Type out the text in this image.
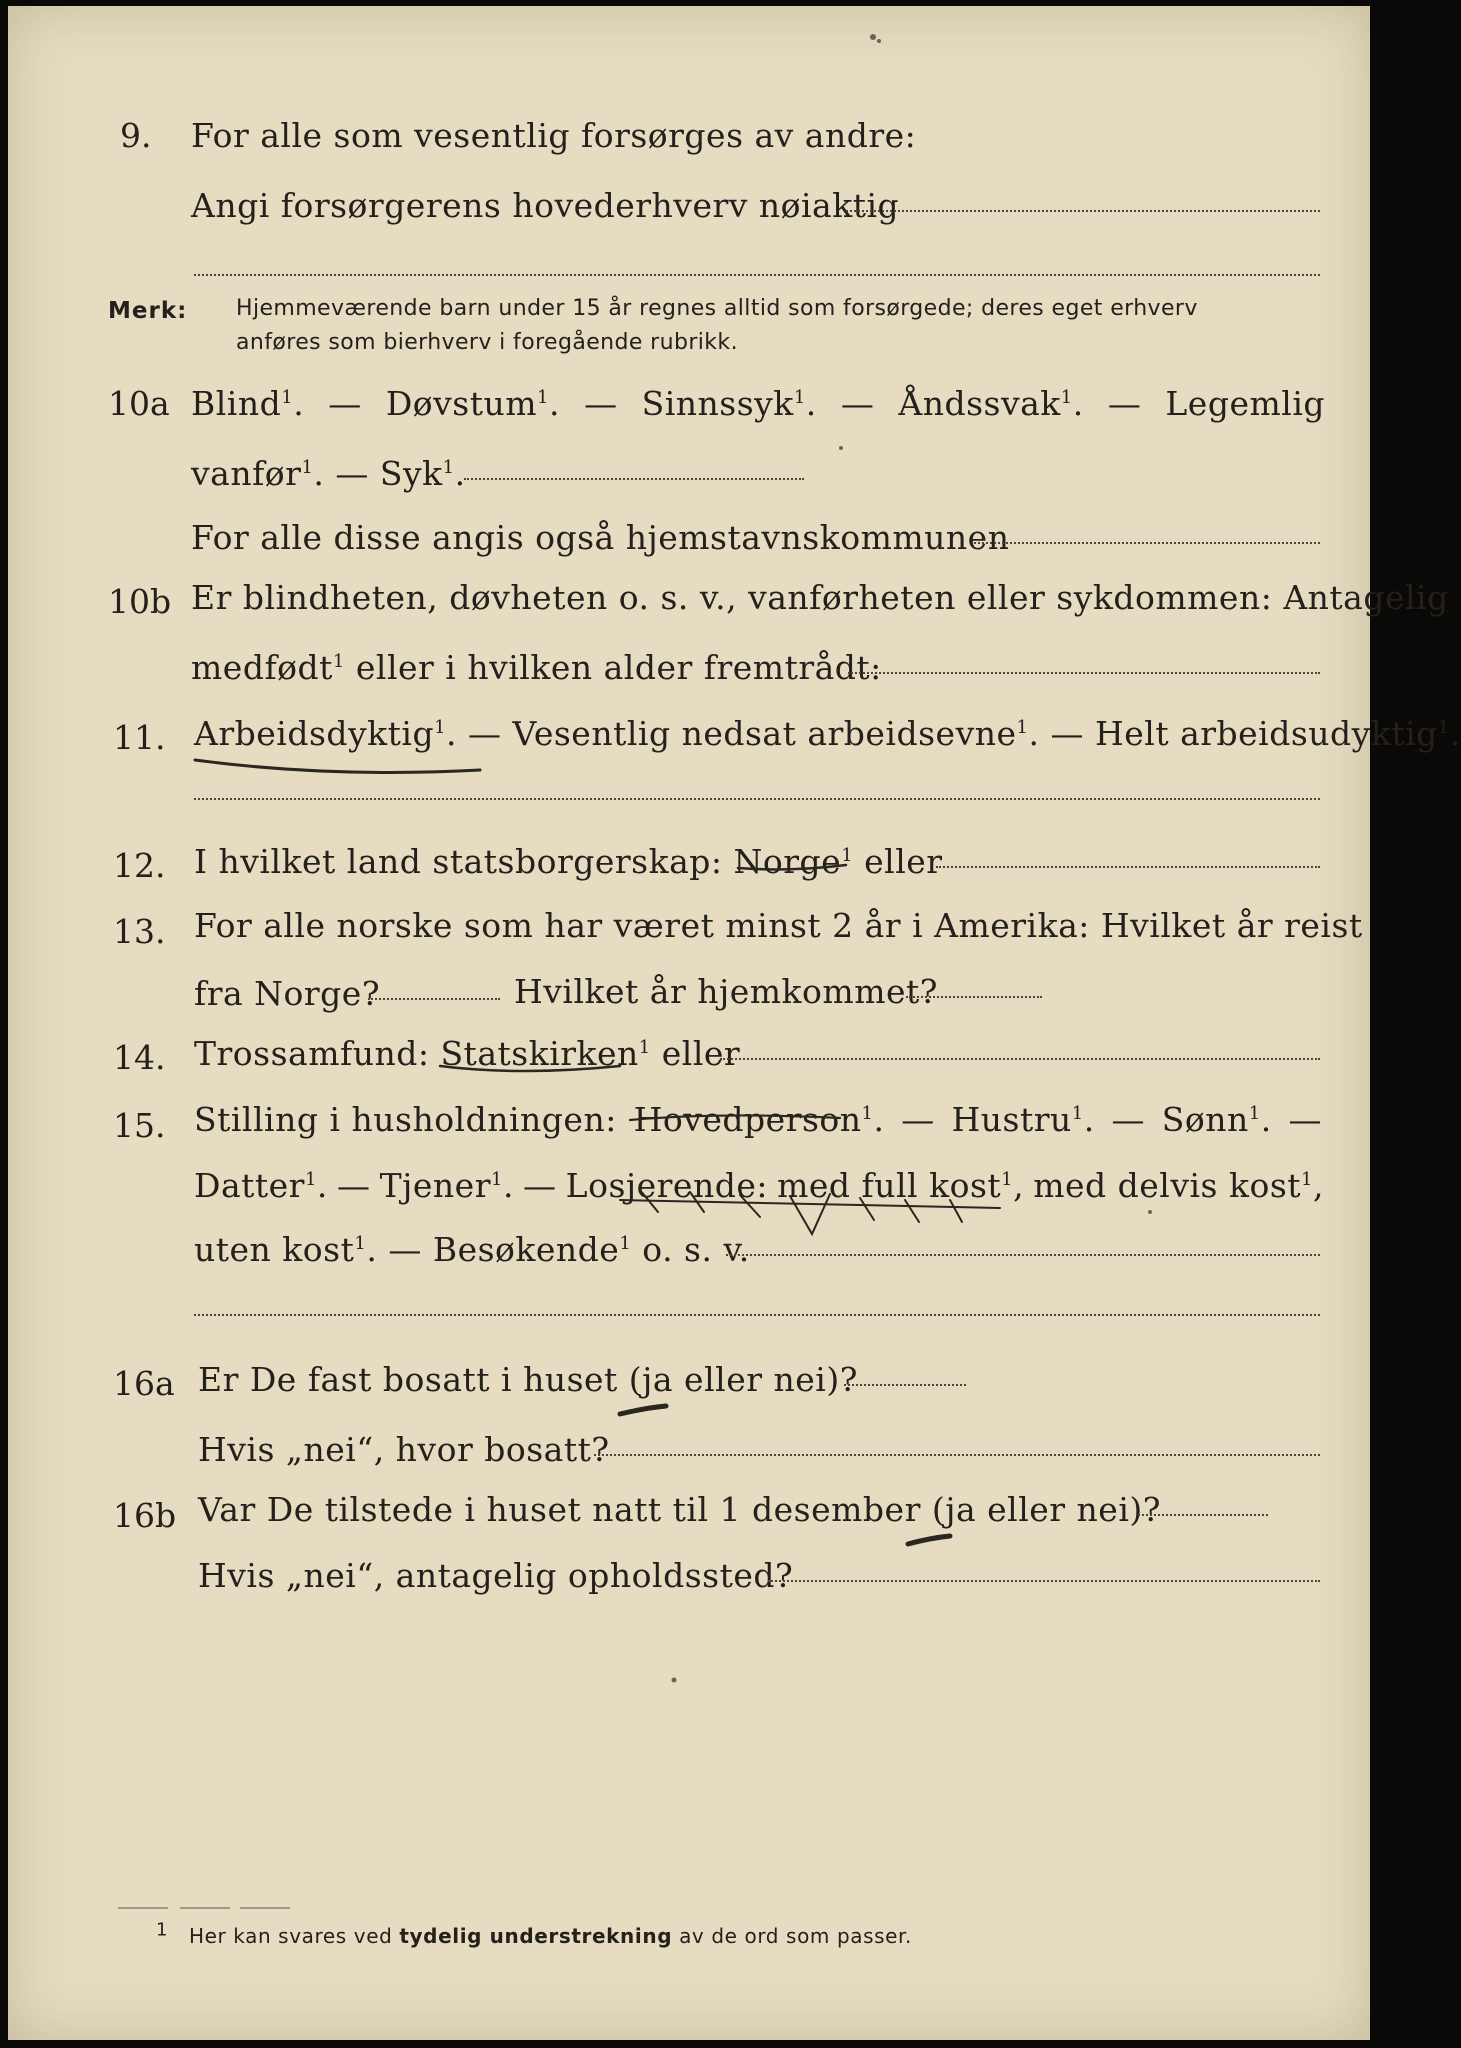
9. For alle som vesentlig forsørges av andre:
Angi forsørgerens hovederhverv nøiaktig
Merk: Hjemmeværende barn under 15 år regnes alltid som forsørgede; deres eget erhverv
anføres som bierhverv i foregående rubrikk.
10a Blind$^1$. — Døvstum$^1$. — Sinnssyk$^1$. — Åndssvak$^1$. — Legemlig
vanfør$^1$. — Syk$^1$.
For alle disse angis også hjemstavnskommunen
10b Er blindheten, døvheten o. s. v., vanførheten eller sykdommen: Antagelig
medfødt$^1$ eller i hvilken alder fremtrådt:
11. Arbeidsdyktig$^1$. — Vesentlig nedsat arbeidsevne$^1$. — Helt arbeidsudyktig$^1$.
12. I hvilket land statsborgerskap: Norge$^1$ eller
13. For alle norske som har været minst 2 år i Amerika: Hvilket år reist
fra Norge?	Hvilket år hjemkommet?
14. Trossamfund: Statskirken$^1$ eller
15. Stilling i husholdningen: Hovedperson$^1$. — Hustru$^1$. — Sønn$^1$. —
Datter$^1$. — Tjener$^1$. — Losjerende: med full kost$^1$, med delvis kost$^1$,
uten kost$^1$. — Besøkende$^1$ o. s. v.
16a Er De fast bosatt i huset (ja eller nei)?
Hvis „nei“, hvor bosatt?
16b Var De tilstede i huset natt til 1 desember (ja eller nei)?
Hvis „nei“, antagelig opholdssted?
$^1$ Her kan svares ved tydelig understrekning av de ord som passer.
